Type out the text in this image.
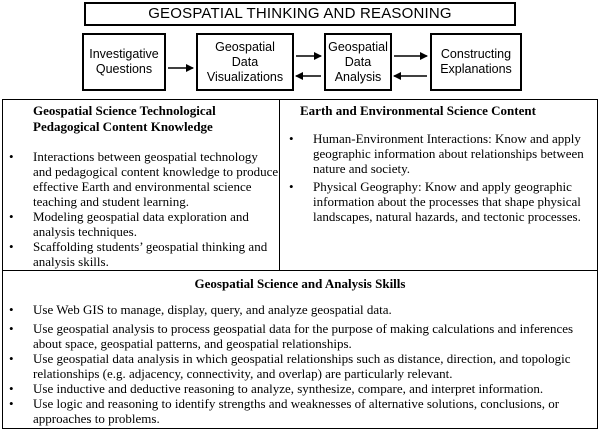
GEOSPATIAL THINKING AND REASONING
Investigative
Questions
Geospatial
Data
Visualizations
Geospatial
Data
Analysis
Constructing
Explanations
Geospatial Science Technological Pedagogical Content Knowledge
• Interactions between geospatial technology and pedagogical content knowledge to produce effective Earth and environmental science teaching and student learning.
• Modeling geospatial data exploration and analysis techniques.
• Scaffolding students’ geospatial thinking and analysis skills.
Earth and Environmental Science Content
• Human-Environment Interactions: Know and apply geographic information about relationships between nature and society.
• Physical Geography: Know and apply geographic information about the processes that shape physical landscapes, natural hazards, and tectonic processes.
Geospatial Science and Analysis Skills
• Use Web GIS to manage, display, query, and analyze geospatial data.
• Use geospatial analysis to process geospatial data for the purpose of making calculations and inferences about space, geospatial patterns, and geospatial relationships.
• Use geospatial data analysis in which geospatial relationships such as distance, direction, and topologic relationships (e.g. adjacency, connectivity, and overlap) are particularly relevant.
• Use inductive and deductive reasoning to analyze, synthesize, compare, and interpret information.
• Use logic and reasoning to identify strengths and weaknesses of alternative solutions, conclusions, or approaches to problems.
